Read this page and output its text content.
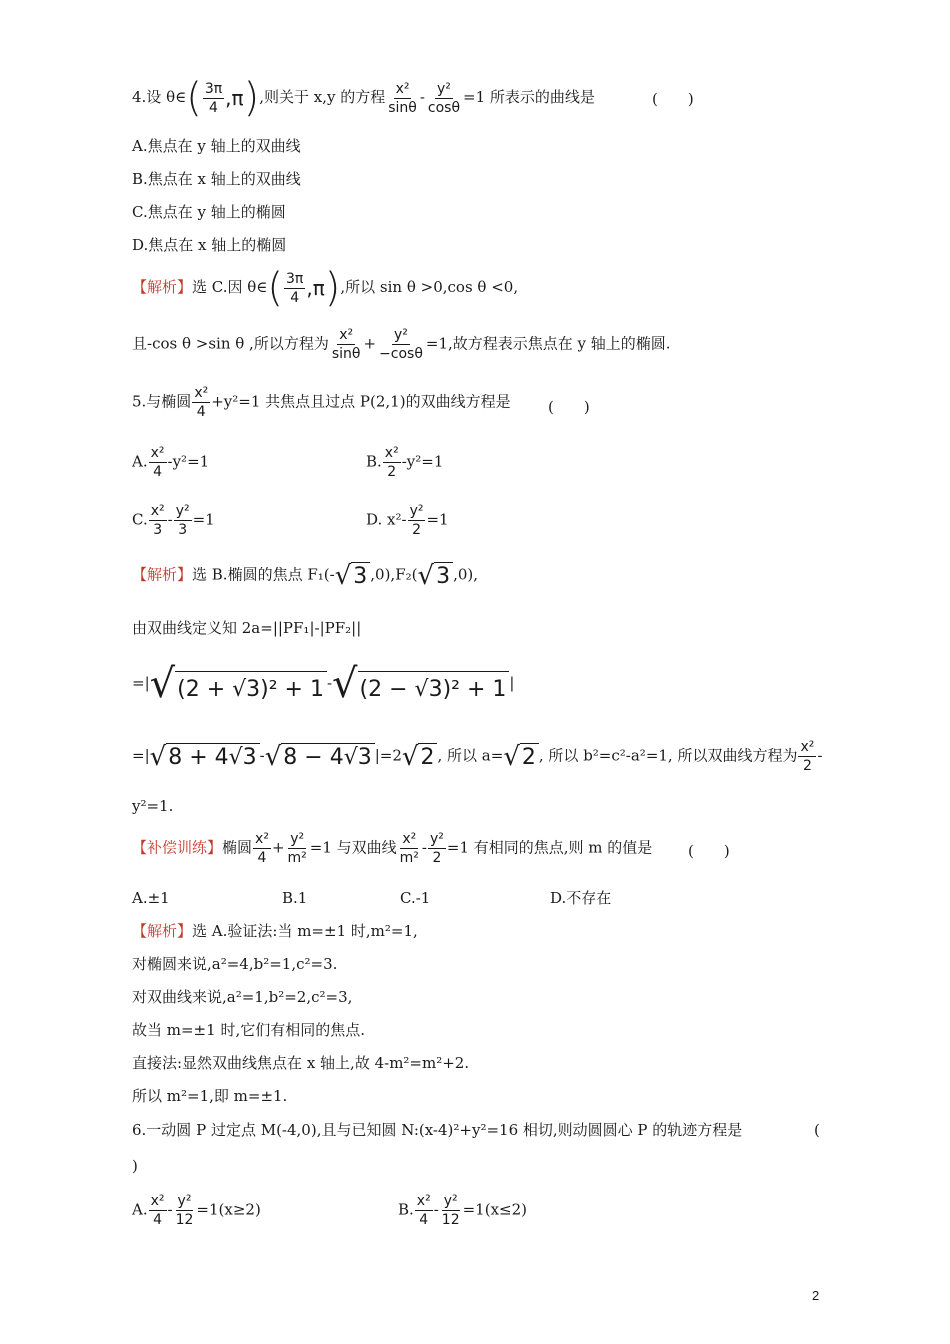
4.设 θ∈ ( $\frac{3\pi}{4} ,\pi$ ) ,则关于 x,y 的方程 $\frac{\text{x²}}{\sin\theta} - \frac{\text{y²}}{\cos\theta} =1$ 所表示的曲线是	(　　)
A.焦点在 y 轴上的双曲线
B.焦点在 x 轴上的双曲线
C.焦点在 y 轴上的椭圆
D.焦点在 x 轴上的椭圆
【解析】选 C.因 θ∈ ( $\frac{3\pi}{4} ,\pi$ ) ,所以 sin θ >0,cos θ <0,
且-cos θ >sin θ ,所以方程为 $\frac{\text{x²}}{\sin\theta} + \frac{\text{y²}}{-\cos\theta} =1$,故方程表示焦点在 y 轴上的椭圆.
5.与椭圆 $\frac{\text{x²}}{4} +y^2=1$ 共焦点且过点 P(2,1)的双曲线方程是 (　　)
A. $\frac{\text{x²}}{4} -y^2=1$	B. $\frac{\text{x²}}{2} -y^2=1$
C. $\frac{\text{x²}}{3} - \frac{\text{y²}}{3} =1$	D. $x^2- \frac{\text{y²}}{2} =1$
【解析】选 B.椭圆的焦点 F₁(- √ 3 ,0),F₂( √ 3 ,0),
由双曲线定义知 2a=||PF₁|-|PF₂||
=| √ (2 + √3)² + 1 - √ (2 − √3)² + 1 |
=| √ 8 + 4√3 - √ 8 − 4√3 |=2 √ 2 , 所以 a= √ 2 , 所以 b²=c²-a²=1, 所以双曲线方程为 $\frac{\text{x²}}{2}$ -
y²=1.
【补偿训练】椭圆 $\frac{\text{x²}}{4} + \frac{\text{y²}}{\text{m²}} =1$ 与双曲线 $\frac{\text{x²}}{\text{m²}} - \frac{\text{y²}}{2} =1$ 有相同的焦点,则 m 的值是 (　　)
A.±1	B.1	C.-1	D.不存在
【解析】选 A.验证法:当 m=±1 时,m²=1,
对椭圆来说,a²=4,b²=1,c²=3.
对双曲线来说,a²=1,b²=2,c²=3,
故当 m=±1 时,它们有相同的焦点.
直接法:显然双曲线焦点在 x 轴上,故 4-m²=m²+2.
所以 m²=1,即 m=±1.
6.一动圆 P 过定点 M(-4,0),且与已知圆 N:(x-4)²+y²=16 相切,则动圆圆心 P 的轨迹方程是	(
)
A. $\frac{\text{x²}}{4} - \frac{\text{y²}}{12} =1(x\ge 2)$	B. $\frac{\text{x²}}{4} - \frac{\text{y²}}{12} =1(x\le 2)$
2
